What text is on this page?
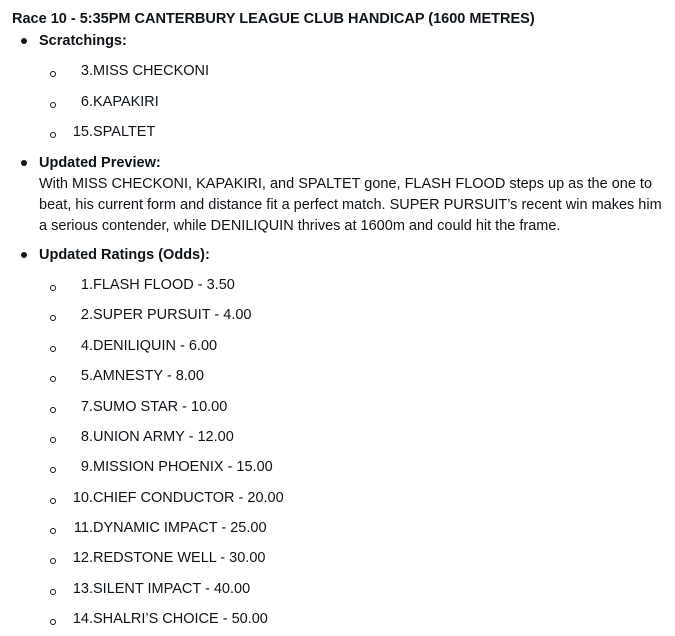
Race 10 - 5:35PM CANTERBURY LEAGUE CLUB HANDICAP (1600 METRES)
Scratchings:
3. MISS CHECKONI
6. KAPAKIRI
15. SPALTET
Updated Preview:
With MISS CHECKONI, KAPAKIRI, and SPALTET gone, FLASH FLOOD steps up as the one to beat, his current form and distance fit a perfect match. SUPER PURSUIT’s recent win makes him a serious contender, while DENILIQUIN thrives at 1600m and could hit the frame.
Updated Ratings (Odds):
1. FLASH FLOOD - 3.50
2. SUPER PURSUIT - 4.00
4. DENILIQUIN - 6.00
5. AMNESTY - 8.00
7. SUMO STAR - 10.00
8. UNION ARMY - 12.00
9. MISSION PHOENIX - 15.00
10. CHIEF CONDUCTOR - 20.00
11. DYNAMIC IMPACT - 25.00
12. REDSTONE WELL - 30.00
13. SILENT IMPACT - 40.00
14. SHALRI’S CHOICE - 50.00
